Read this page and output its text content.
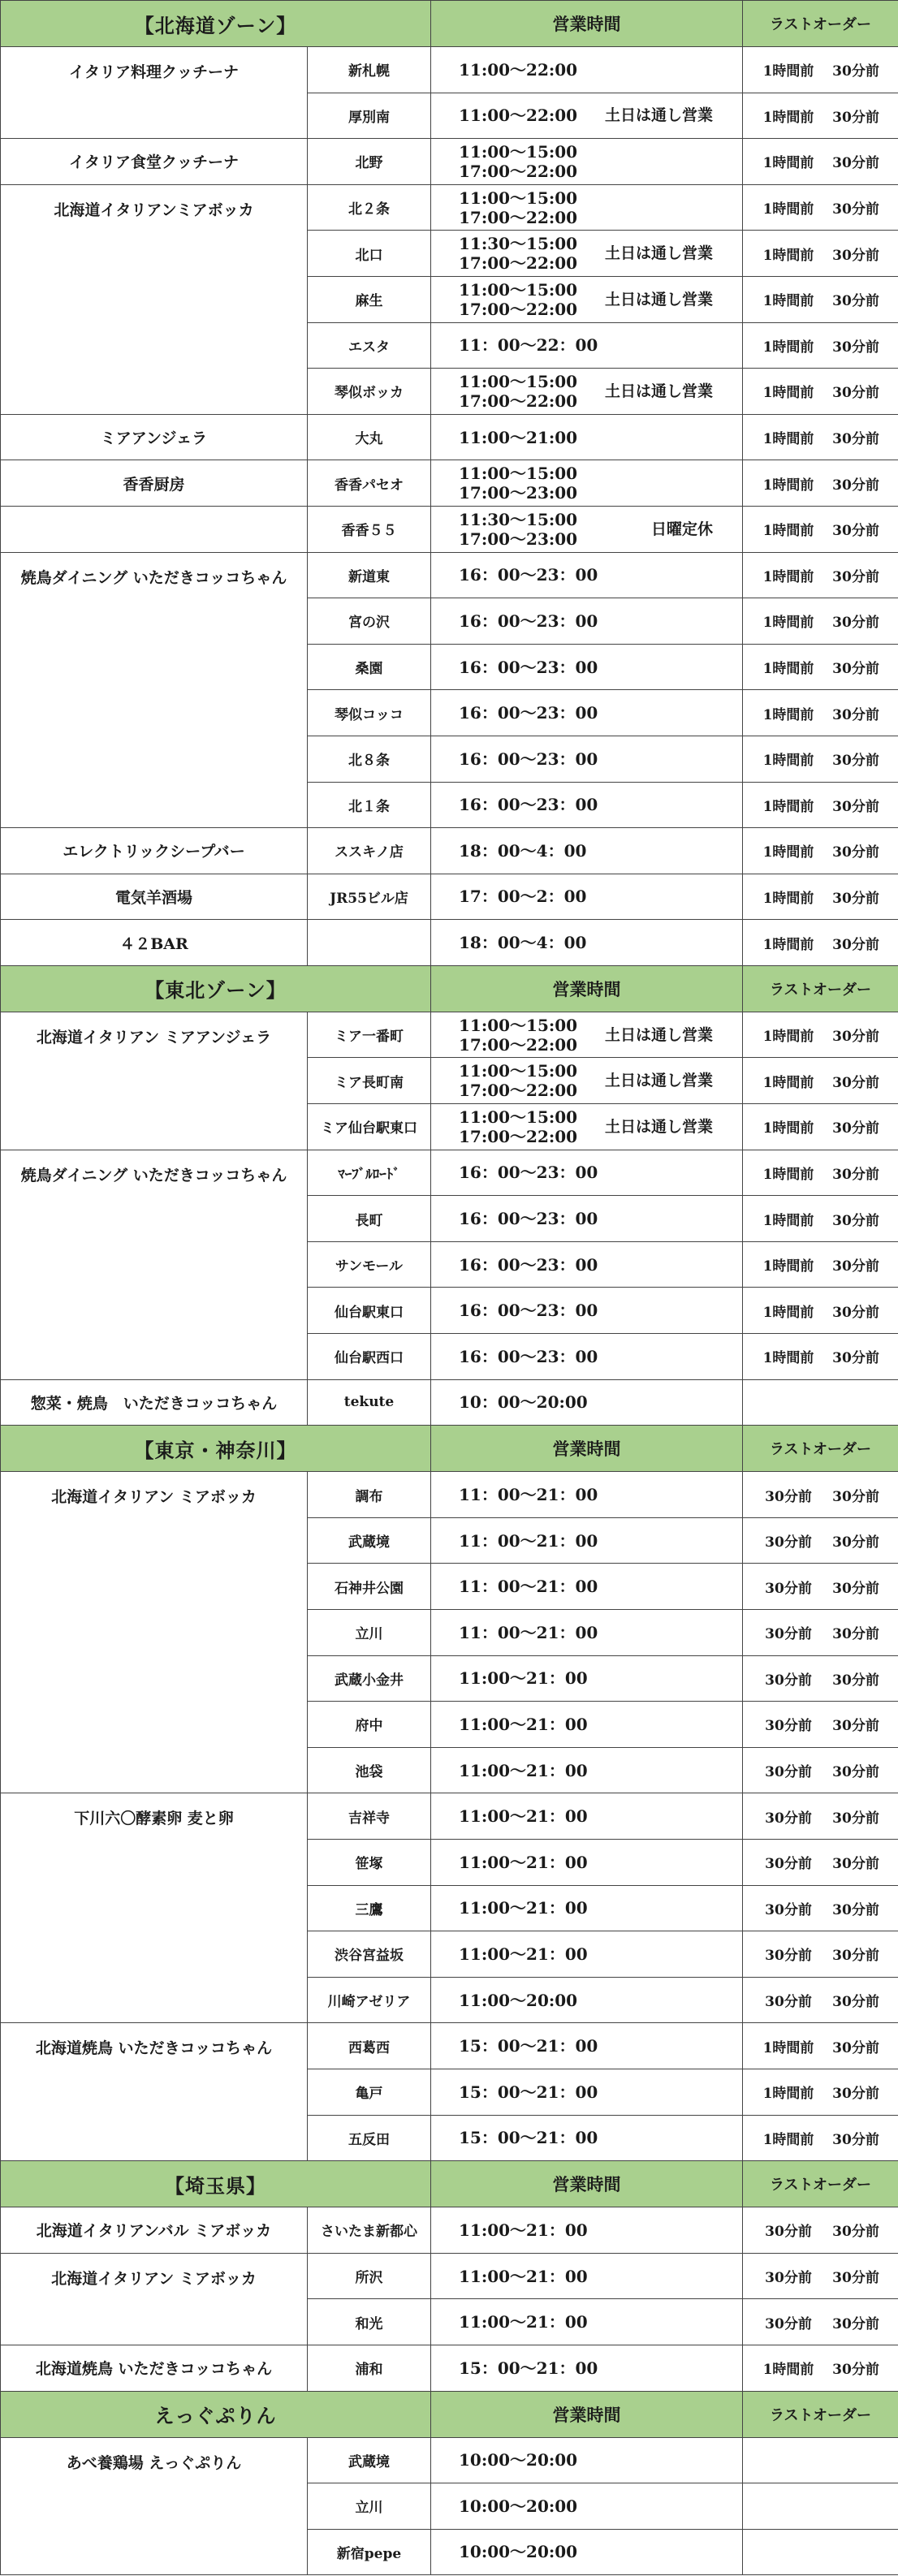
【北海道ゾーン】		営業時間	ラストオーダー
イタリア料理クッチーナ	新札幌	11:00～22:00	1時間前 30分前
	厚別南	11:00～22:00 土日は通し営業	1時間前 30分前
イタリア食堂クッチーナ	北野	11:00～15:00
17:00～22:00	1時間前 30分前
北海道イタリアンミアボッカ	北２条	11:00～15:00
17:00～22:00	1時間前 30分前
	北口	11:30～15:00
17:00～22:00 土日は通し営業	1時間前 30分前
	麻生	11:00～15:00
17:00～22:00 土日は通し営業	1時間前 30分前
	エスタ	11：00～22：00	1時間前 30分前
	琴似ボッカ	11:00～15:00
17:00～22:00 土日は通し営業	1時間前 30分前
ミアアンジェラ	大丸	11:00～21:00	1時間前 30分前
香香厨房	香香パセオ	11:00～15:00
17:00～23:00	1時間前 30分前
	香香５５	11:30～15:00
17:00～23:00 日曜定休	1時間前 30分前
焼鳥ダイニング いただきコッコちゃん	新道東	16：00～23：00	1時間前 30分前
	宮の沢	16：00～23：00	1時間前 30分前
	桑園	16：00～23：00	1時間前 30分前
	琴似コッコ	16：00～23：00	1時間前 30分前
	北８条	16：00～23：00	1時間前 30分前
	北１条	16：00～23：00	1時間前 30分前
エレクトリックシープバー	ススキノ店	18：00～4：00	1時間前 30分前
電気羊酒場	JR55ビル店	17：00～2：00	1時間前 30分前
４２BAR		18：00～4：00	1時間前 30分前
【東北ゾーン】		営業時間	ラストオーダー
北海道イタリアン ミアアンジェラ	ミア一番町	11:00～15:00
17:00～22:00 土日は通し営業	1時間前 30分前
	ミア長町南	11:00～15:00
17:00～22:00 土日は通し営業	1時間前 30分前
	ミア仙台駅東口	11:00～15:00
17:00～22:00 土日は通し営業	1時間前 30分前
焼鳥ダイニング いただきコッコちゃん	ﾏｰﾌﾞﾙﾛｰﾄﾞ	16：00～23：00	1時間前 30分前
	長町	16：00～23：00	1時間前 30分前
	サンモール	16：00～23：00	1時間前 30分前
	仙台駅東口	16：00～23：00	1時間前 30分前
	仙台駅西口	16：00～23：00	1時間前 30分前
惣菜・焼鳥　いただきコッコちゃん	tekute	10：00～20:00	

【東京・神奈川】		営業時間	ラストオーダー
北海道イタリアン ミアボッカ	調布	11：00～21：00	30分前 30分前
	武蔵境	11：00～21：00	30分前 30分前
	石神井公園	11：00～21：00	30分前 30分前
	立川	11：00～21：00	30分前 30分前
	武蔵小金井	11:00～21：00	30分前 30分前
	府中	11:00～21：00	30分前 30分前
	池袋	11:00～21：00	30分前 30分前
下川六〇酵素卵 麦と卵	吉祥寺	11:00～21：00	30分前 30分前
	笹塚	11:00～21：00	30分前 30分前
	三鷹	11:00～21：00	30分前 30分前
	渋谷宮益坂	11:00～21：00	30分前 30分前
	川崎アゼリア	11:00～20:00	30分前 30分前
北海道焼鳥 いただきコッコちゃん	西葛西	15：00～21：00	1時間前 30分前
	亀戸	15：00～21：00	1時間前 30分前
	五反田	15：00～21：00	1時間前 30分前
【埼玉県】		営業時間	ラストオーダー
北海道イタリアンバル ミアボッカ	さいたま新都心	11:00～21：00	30分前 30分前
北海道イタリアン ミアボッカ	所沢	11:00～21：00	30分前 30分前
	和光	11:00～21：00	30分前 30分前
北海道焼鳥 いただきコッコちゃん	浦和	15：00～21：00	1時間前 30分前
えっぐぷりん		営業時間	ラストオーダー
あべ養鶏場 えっぐぷりん	武蔵境	10:00～20:00	

	立川	10:00～20:00	

	新宿pepe	10:00～20:00	
